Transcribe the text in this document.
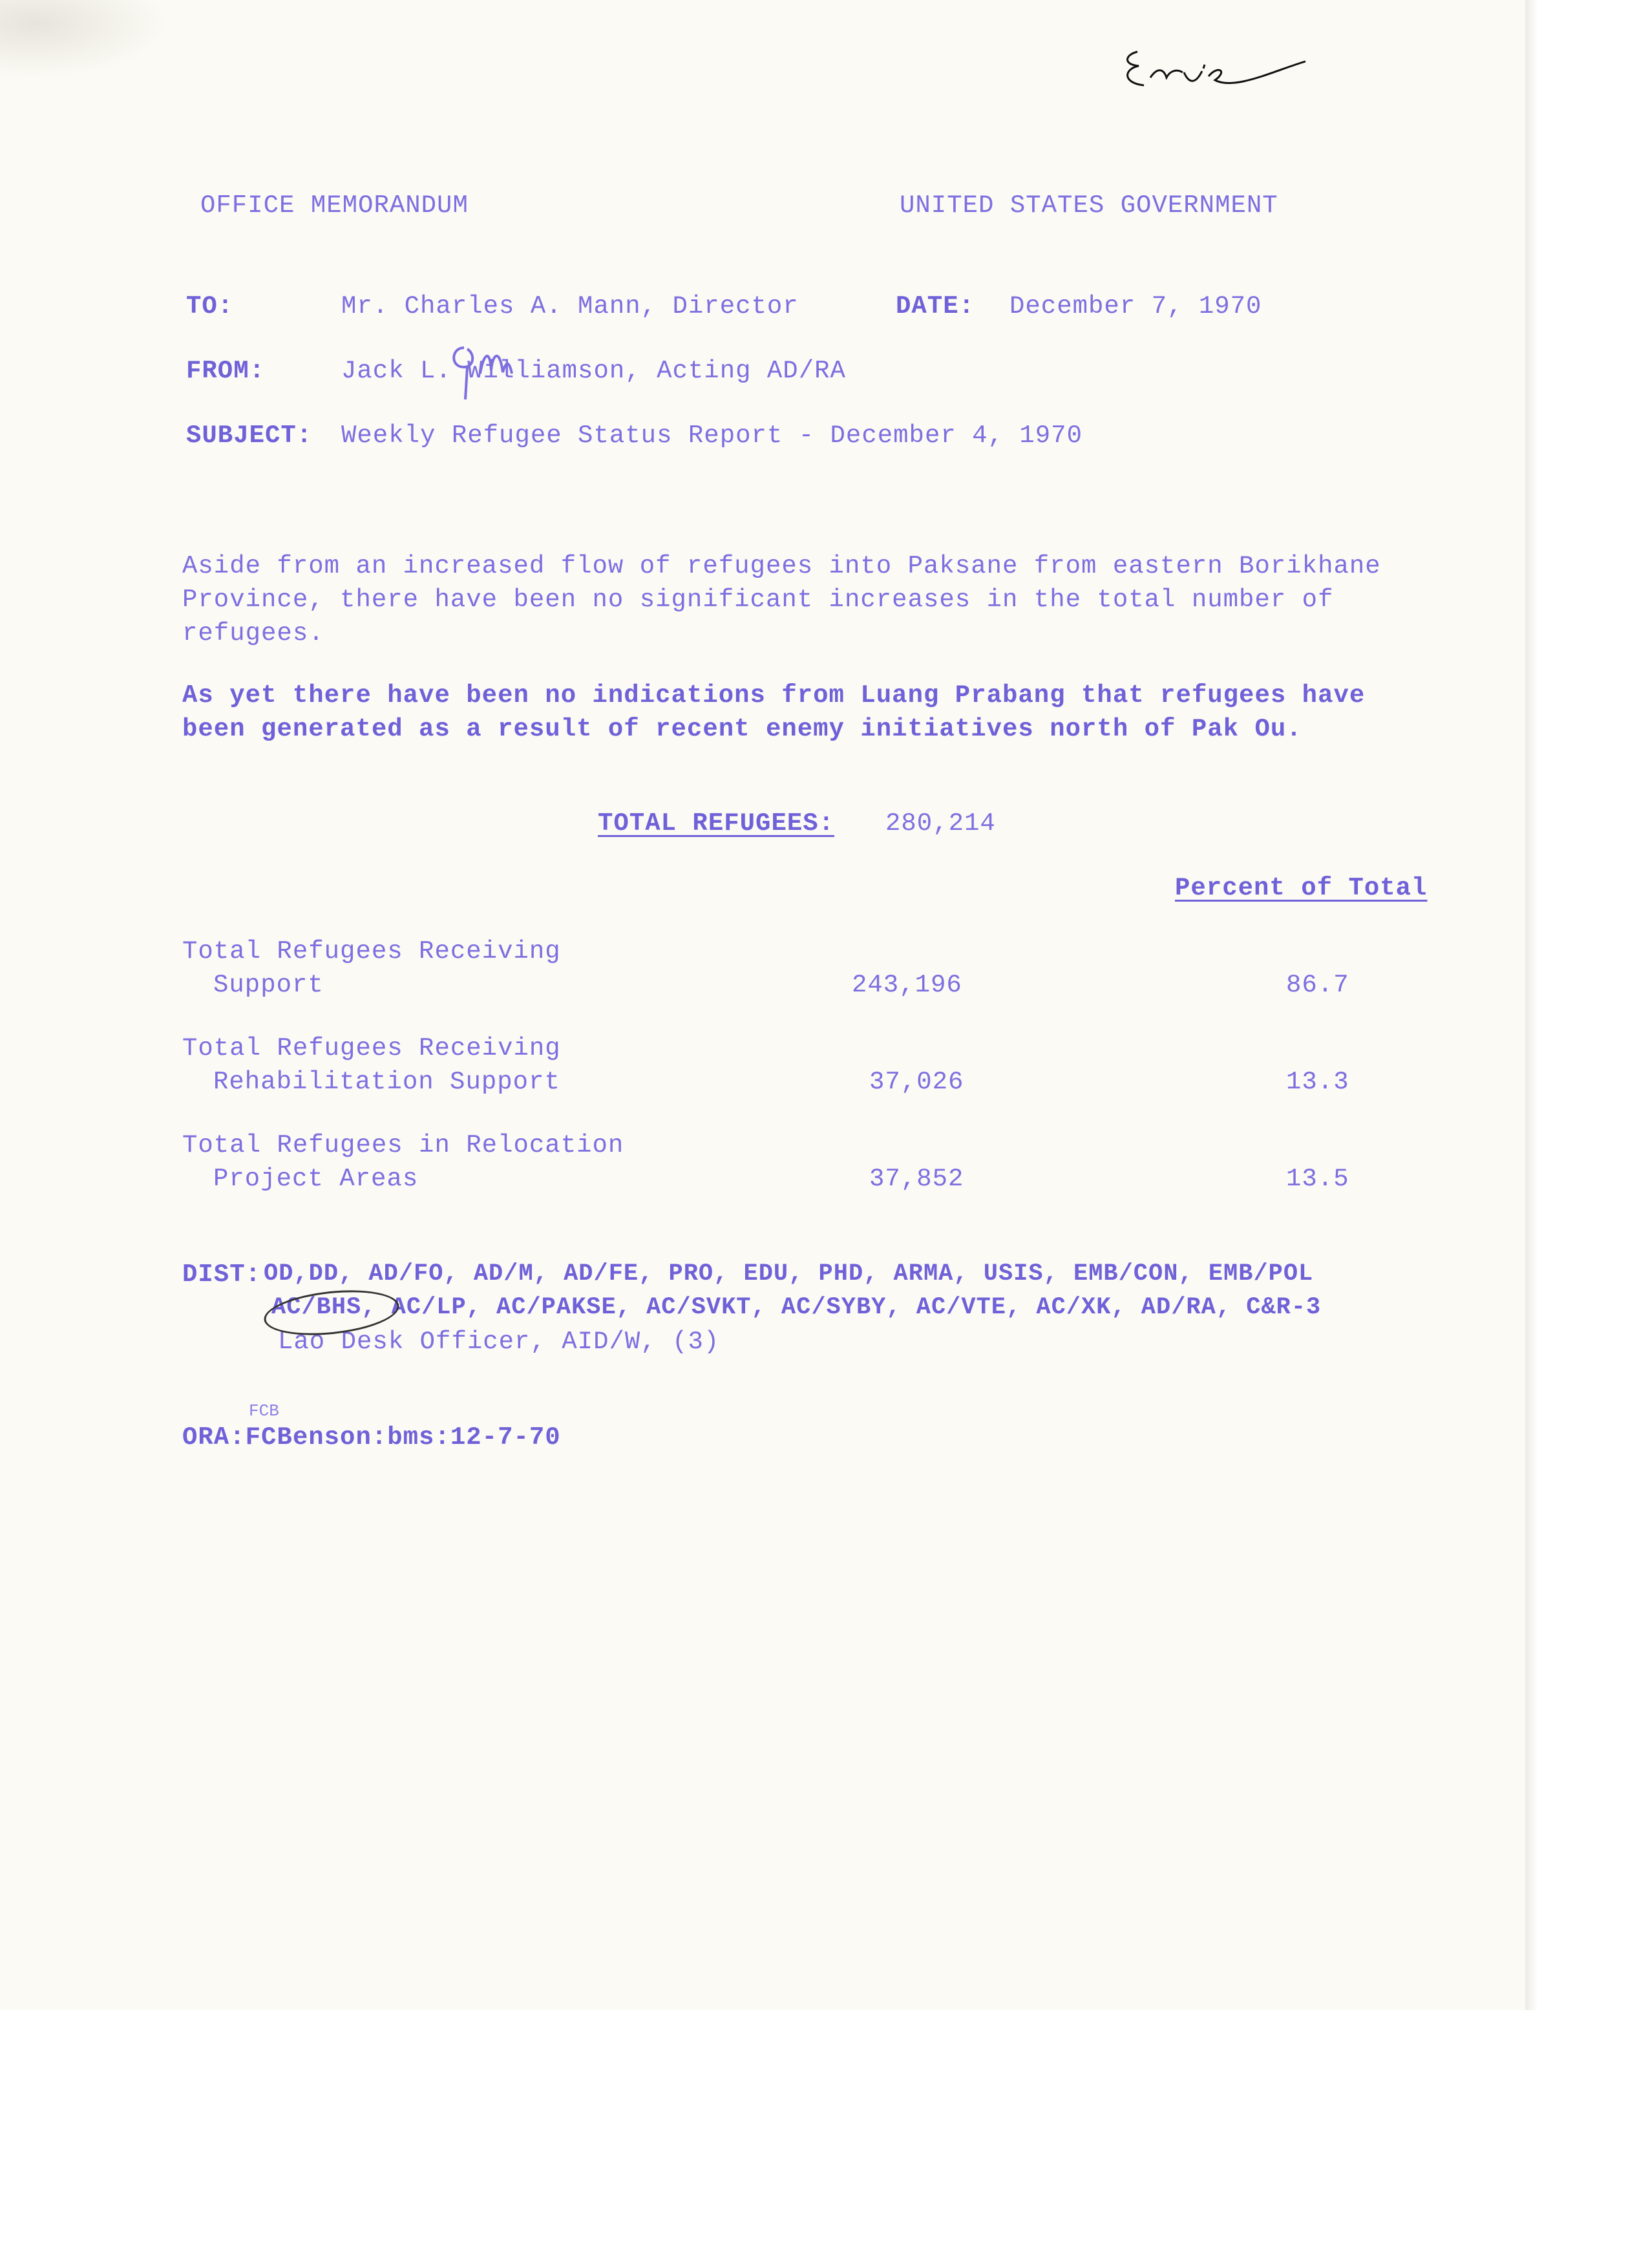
OFFICE MEMORANDUM	UNITED STATES GOVERNMENT
TO:	Mr. Charles A. Mann, Director	DATE: December 7, 1970
FROM:	Jack L. Williamson, Acting AD/RA
SUBJECT: Weekly Refugee Status Report - December 4, 1970
Aside from an increased flow of refugees into Paksane from eastern Borikhane Province, there have been no significant increases in the total number of refugees.
As yet there have been no indications from Luang Prabang that refugees have been generated as a result of recent enemy initiatives north of Pak Ou.
TOTAL REFUGEES: 280,214
Percent of Total
Total Refugees Receiving
Support	243,196	86.7
Total Refugees Receiving
Rehabilitation Support	37,026	13.3
Total Refugees in Relocation
Project Areas	37,852	13.5
DIST: OD,DD, AD/FO, AD/M, AD/FE, PRO, EDU, PHD, ARMA, USIS, EMB/CON, EMB/POL
AC/BHS, AC/LP, AC/PAKSE, AC/SVKT, AC/SYBY, AC/VTE, AC/XK, AD/RA, C&R-3
Lao Desk Officer, AID/W, (3)
FCB
ORA:FCBenson:bms:12-7-70
